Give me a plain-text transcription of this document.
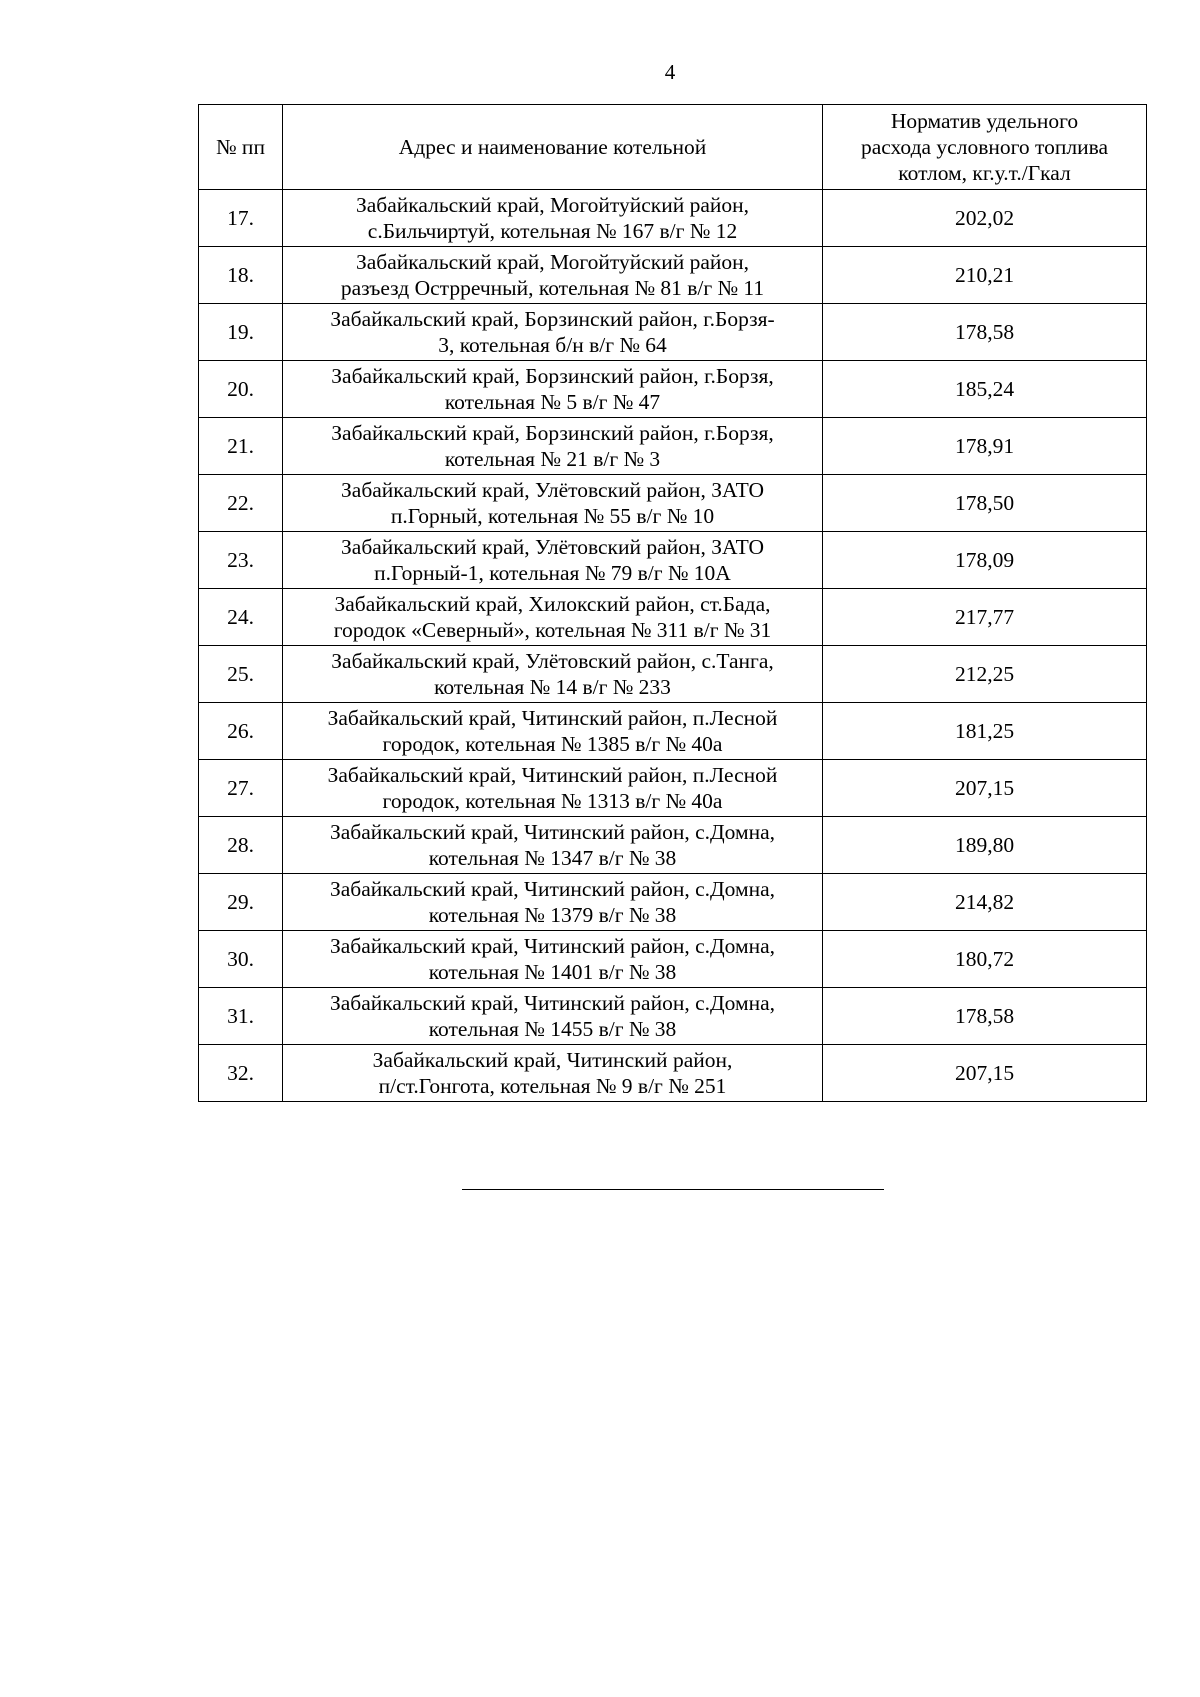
4
№ пп	Адрес и наименование котельной	Норматив удельного
расхода условного топлива
котлом, кг.у.т./Гкал

17.	Забайкальский край, Могойтуйский район,
с.Бильчиртуй, котельная № 167 в/г № 12	202,02
18.	Забайкальский край, Могойтуйский район,
разъезд Острречный, котельная № 81 в/г № 11	210,21
19.	Забайкальский край, Борзинский район, г.Борзя-
3, котельная б/н в/г № 64	178,58
20.	Забайкальский край, Борзинский район, г.Борзя,
котельная № 5 в/г № 47	185,24
21.	Забайкальский край, Борзинский район, г.Борзя,
котельная № 21 в/г № 3	178,91
22.	Забайкальский край, Улётовский район, ЗАТО
п.Горный, котельная № 55 в/г № 10	178,50
23.	Забайкальский край, Улётовский район, ЗАТО
п.Горный-1, котельная № 79 в/г № 10А	178,09
24.	Забайкальский край, Хилокский район, ст.Бада,
городок «Северный», котельная № 311 в/г № 31	217,77
25.	Забайкальский край, Улётовский район, с.Танга,
котельная № 14 в/г № 233	212,25
26.	Забайкальский край, Читинский район, п.Лесной
городок, котельная № 1385 в/г № 40а	181,25
27.	Забайкальский край, Читинский район, п.Лесной
городок, котельная № 1313 в/г № 40а	207,15
28.	Забайкальский край, Читинский район, с.Домна,
котельная № 1347 в/г № 38	189,80
29.	Забайкальский край, Читинский район, с.Домна,
котельная № 1379 в/г № 38	214,82
30.	Забайкальский край, Читинский район, с.Домна,
котельная № 1401 в/г № 38	180,72
31.	Забайкальский край, Читинский район, с.Домна,
котельная № 1455 в/г № 38	178,58
32.	Забайкальский край, Читинский район,
п/ст.Гонгота, котельная № 9 в/г № 251	207,15
